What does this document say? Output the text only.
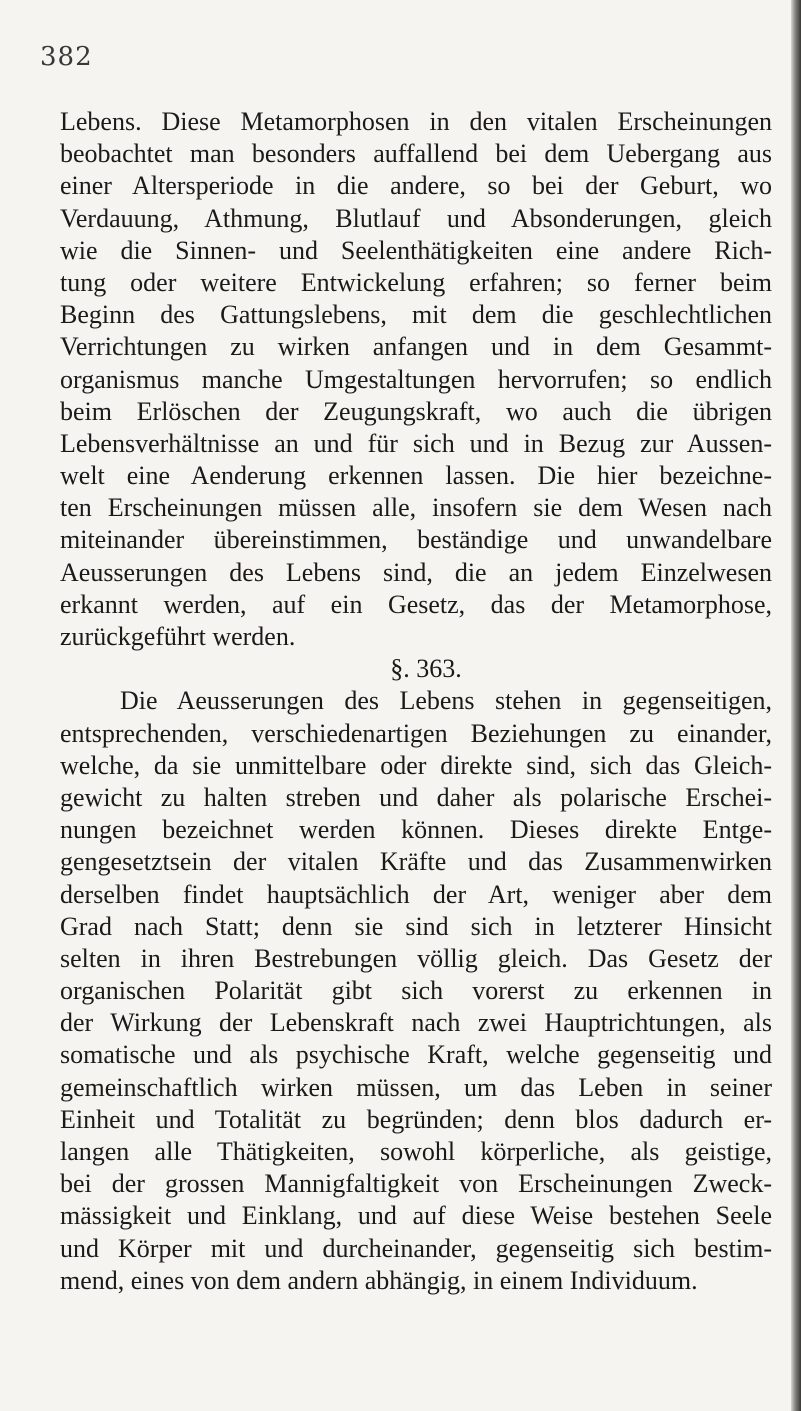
382
Lebens. Diese Metamorphosen in den vitalen Erscheinungen
beobachtet man besonders auffallend bei dem Uebergang aus
einer Altersperiode in die andere, so bei der Geburt, wo
Verdauung, Athmung, Blutlauf und Absonderungen, gleich
wie die Sinnen- und Seelenthätigkeiten eine andere Rich-
tung oder weitere Entwickelung erfahren; so ferner beim
Beginn des Gattungslebens, mit dem die geschlechtlichen
Verrichtungen zu wirken anfangen und in dem Gesammt-
organismus manche Umgestaltungen hervorrufen; so endlich
beim Erlöschen der Zeugungskraft, wo auch die übrigen
Lebensverhältnisse an und für sich und in Bezug zur Aussen-
welt eine Aenderung erkennen lassen. Die hier bezeichne-
ten Erscheinungen müssen alle, insofern sie dem Wesen nach
miteinander übereinstimmen, beständige und unwandelbare
Aeusserungen des Lebens sind, die an jedem Einzelwesen
erkannt werden, auf ein Gesetz, das der Metamorphose,
zurückgeführt werden.
§. 363.
Die Aeusserungen des Lebens stehen in gegenseitigen,
entsprechenden, verschiedenartigen Beziehungen zu einander,
welche, da sie unmittelbare oder direkte sind, sich das Gleich-
gewicht zu halten streben und daher als polarische Erschei-
nungen bezeichnet werden können. Dieses direkte Entge-
gengesetztsein der vitalen Kräfte und das Zusammenwirken
derselben findet hauptsächlich der Art, weniger aber dem
Grad nach Statt; denn sie sind sich in letzterer Hinsicht
selten in ihren Bestrebungen völlig gleich. Das Gesetz der
organischen Polarität gibt sich vorerst zu erkennen in
der Wirkung der Lebenskraft nach zwei Hauptrichtungen, als
somatische und als psychische Kraft, welche gegenseitig und
gemeinschaftlich wirken müssen, um das Leben in seiner
Einheit und Totalität zu begründen; denn blos dadurch er-
langen alle Thätigkeiten, sowohl körperliche, als geistige,
bei der grossen Mannigfaltigkeit von Erscheinungen Zweck-
mässigkeit und Einklang, und auf diese Weise bestehen Seele
und Körper mit und durcheinander, gegenseitig sich bestim-
mend, eines von dem andern abhängig, in einem Individuum.
